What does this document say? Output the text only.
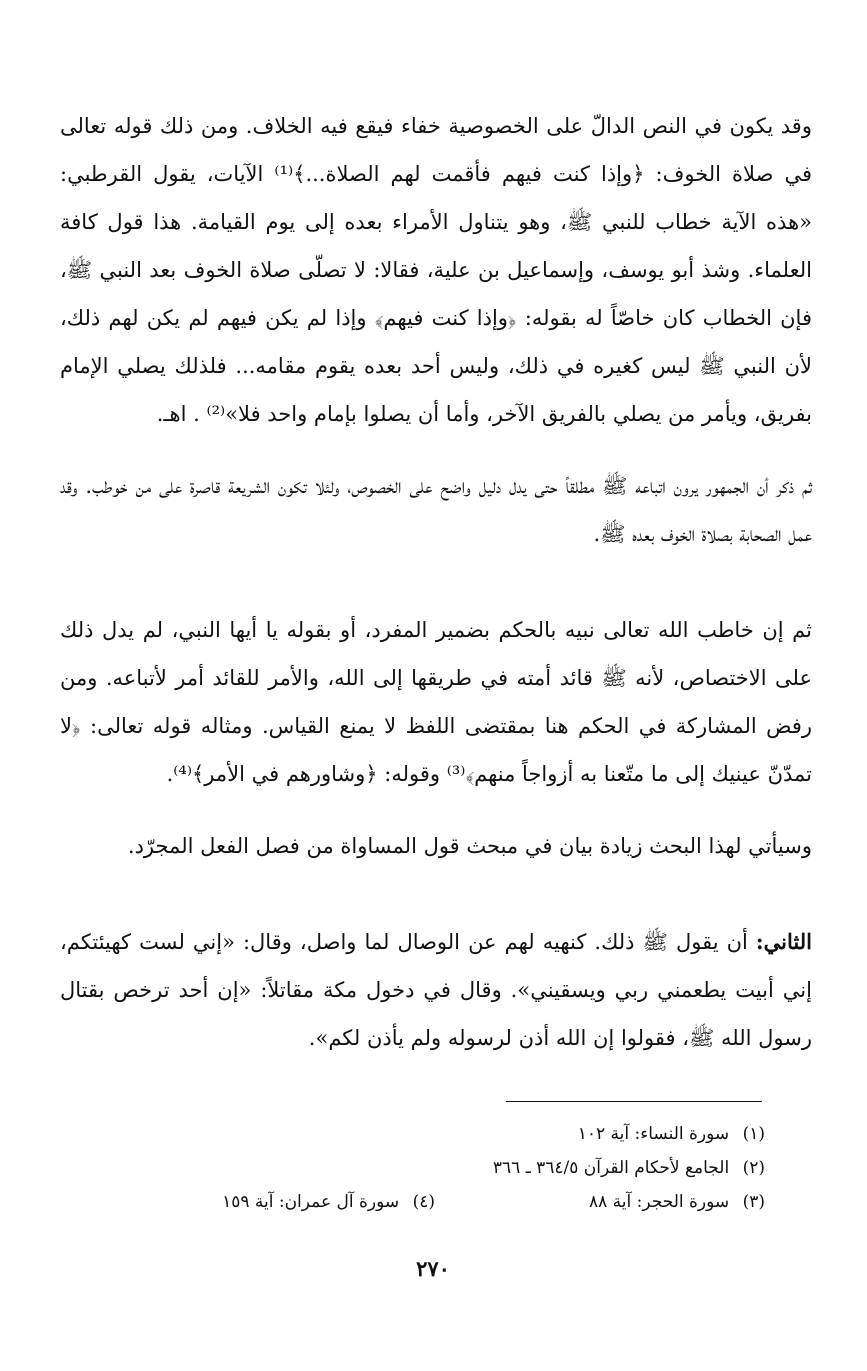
وقد يكون في النص الدالّ على الخصوصية خفاء فيقع فيه الخلاف. ومن ذلك قوله تعالى في صلاة الخوف: ﴿وإذا كنت فيهم فأقمت لهم الصلاة...﴾⁽¹⁾ الآيات، يقول القرطبي: «هذه الآية خطاب للنبي ﷺ، وهو يتناول الأمراء بعده إلى يوم القيامة. هذا قول كافة العلماء. وشذ أبو يوسف، وإسماعيل بن علية، فقالا: لا تصلّى صلاة الخوف بعد النبي ﷺ، فإن الخطاب كان خاصّاً له بقوله: ﴿وإذا كنت فيهم﴾ وإذا لم يكن فيهم لم يكن لهم ذلك، لأن النبي ﷺ ليس كغيره في ذلك، وليس أحد بعده يقوم مقامه... فلذلك يصلي الإمام بفريق، ويأمر من يصلي بالفريق الآخر، وأما أن يصلوا بإمام واحد فلا»⁽²⁾ . اهـ.

ثم ذكر أن الجمهور يرون اتباعه ﷺ مطلقاً حتى يدل دليل واضح على الخصوص، ولئلا تكون الشريعة قاصرة على من خوطب. وقد عمل الصحابة بصلاة الخوف بعده ﷺ.

ثم إن خاطب الله تعالى نبيه بالحكم بضمير المفرد، أو بقوله يا أيها النبي، لم يدل ذلك على الاختصاص، لأنه ﷺ قائد أمته في طريقها إلى الله، والأمر للقائد أمر لأتباعه. ومن رفض المشاركة في الحكم هنا بمقتضى اللفظ لا يمنع القياس. ومثاله قوله تعالى: ﴿لا تمدّنّ عينيك إلى ما متّعنا به أزواجاً منهم﴾⁽³⁾ وقوله: ﴿وشاورهم في الأمر﴾⁽⁴⁾.

وسيأتي لهذا البحث زيادة بيان في مبحث قول المساواة من فصل الفعل المجرّد.

الثاني: أن يقول ﷺ ذلك. كنهيه لهم عن الوصال لما واصل، وقال: «إني لست كهيئتكم، إني أبيت يطعمني ربي ويسقيني». وقال في دخول مكة مقاتلاً: «إن أحد ترخص بقتال رسول الله ﷺ، فقولوا إن الله أذن لرسوله ولم يأذن لكم».

(١) سورة النساء: آية ١٠٢
(٢) الجامع لأحكام القرآن ٣٦٤/٥ ـ ٣٦٦
(٣) سورة الحجر: آية ٨٨
(٤) سورة آل عمران: آية ١٥٩
٢٧٠
